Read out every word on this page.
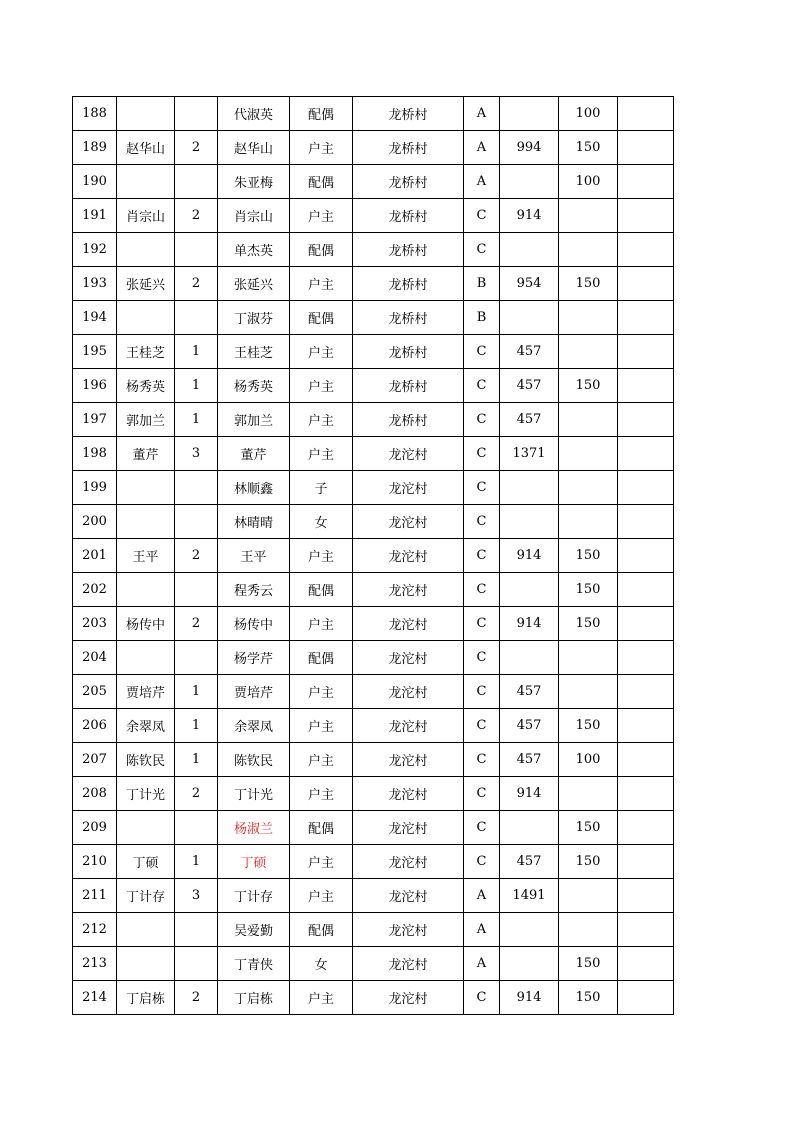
188			代淑英	配偶	龙桥村	A		100	
189	赵华山	2	赵华山	户主	龙桥村	A	994	150	
190			朱亚梅	配偶	龙桥村	A		100	
191	肖宗山	2	肖宗山	户主	龙桥村	C	914		
192			单杰英	配偶	龙桥村	C			
193	张延兴	2	张延兴	户主	龙桥村	B	954	150	
194			丁淑芬	配偶	龙桥村	B			
195	王桂芝	1	王桂芝	户主	龙桥村	C	457		
196	杨秀英	1	杨秀英	户主	龙桥村	C	457	150	
197	郭加兰	1	郭加兰	户主	龙桥村	C	457		
198	董芹	3	董芹	户主	龙沱村	C	1371		
199			林顺鑫	子	龙沱村	C			
200			林晴晴	女	龙沱村	C			
201	王平	2	王平	户主	龙沱村	C	914	150	
202			程秀云	配偶	龙沱村	C		150	
203	杨传中	2	杨传中	户主	龙沱村	C	914	150	
204			杨学芹	配偶	龙沱村	C			
205	贾培芹	1	贾培芹	户主	龙沱村	C	457		
206	余翠凤	1	余翠凤	户主	龙沱村	C	457	150	
207	陈钦民	1	陈钦民	户主	龙沱村	C	457	100	
208	丁计光	2	丁计光	户主	龙沱村	C	914		
209			杨淑兰	配偶	龙沱村	C		150	
210	丁硕	1	丁硕	户主	龙沱村	C	457	150	
211	丁计存	3	丁计存	户主	龙沱村	A	1491		
212			吴爱勤	配偶	龙沱村	A			
213			丁青侠	女	龙沱村	A		150	
214	丁启栋	2	丁启栋	户主	龙沱村	C	914	150	
